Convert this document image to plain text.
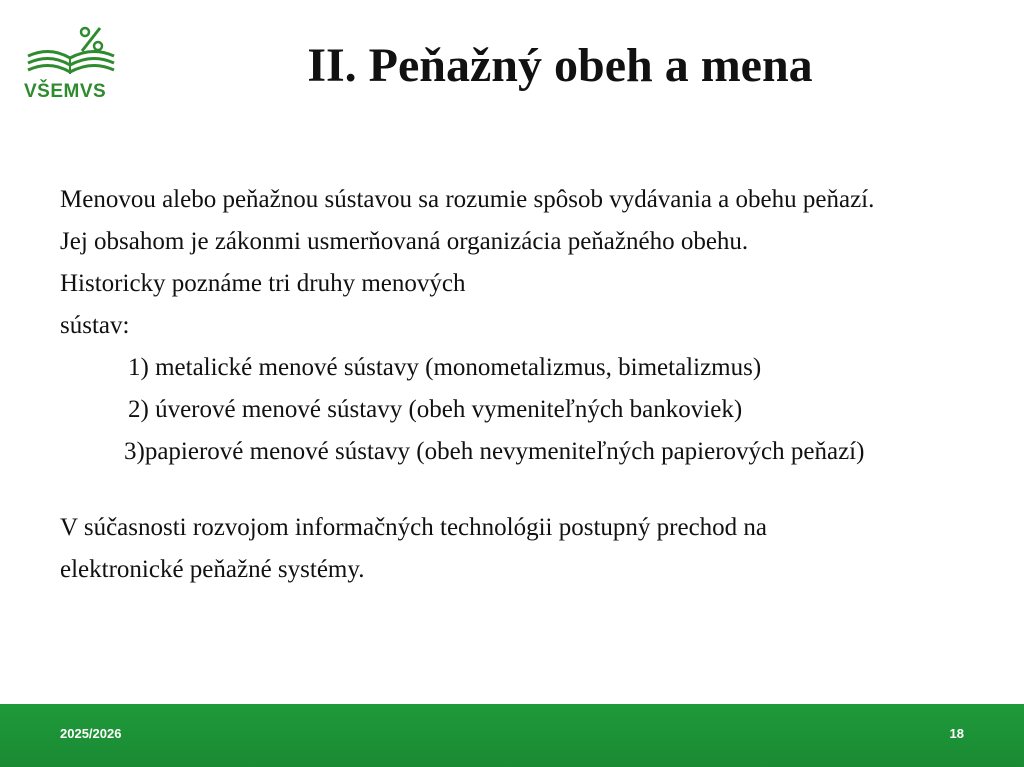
VŠEMVS	II. Peňažný obeh a mena

Menovou alebo peňažnou sústavou sa rozumie spôsob vydávania a obehu peňazí.

Jej obsahom je zákonmi usmerňovaná organizácia peňažného obehu.

Historicky poznáme tri druhy menových

sústav:

1) metalické menové sústavy (monometalizmus, bimetalizmus)

2) úverové menové sústavy (obeh vymeniteľných bankoviek)

3)papierové menové sústavy (obeh nevymeniteľných papierových peňazí)

V súčasnosti rozvojom informačných technológii postupný prechod na

elektronické peňažné systémy.

2025/2026	18
